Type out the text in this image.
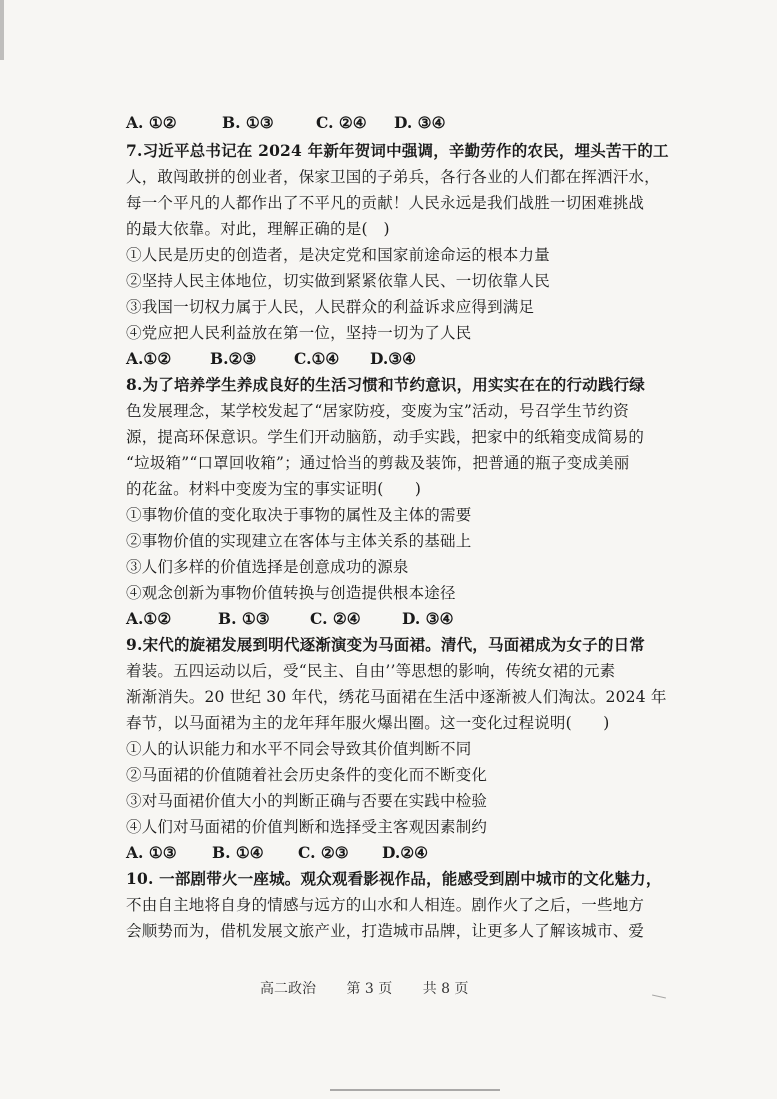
A. ①②	B. ①③	C. ②④	D. ③④
7.习近平总书记在 2024 年新年贺词中强调，辛勤劳作的农民，埋头苦干的工
人，敢闯敢拼的创业者，保家卫国的子弟兵，各行各业的人们都在挥洒汗水，
每一个平凡的人都作出了不平凡的贡献！人民永远是我们战胜一切困难挑战
的最大依靠。对此，理解正确的是(　)
①人民是历史的创造者，是决定党和国家前途命运的根本力量
②坚持人民主体地位，切实做到紧紧依靠人民、一切依靠人民
③我国一切权力属于人民，人民群众的利益诉求应得到满足
④党应把人民利益放在第一位，坚持一切为了人民
A.①②	B.②③	C.①④	D.③④
8.为了培养学生养成良好的生活习惯和节约意识，用实实在在的行动践行绿
色发展理念，某学校发起了“居家防疫，变废为宝”活动，号召学生节约资
源，提高环保意识。学生们开动脑筋，动手实践，把家中的纸箱变成简易的
“垃圾箱”“口罩回收箱”；通过恰当的剪裁及装饰，把普通的瓶子变成美丽
的花盆。材料中变废为宝的事实证明(　　)
①事物价值的变化取决于事物的属性及主体的需要
②事物价值的实现建立在客体与主体关系的基础上
③人们多样的价值选择是创意成功的源泉
④观念创新为事物价值转换与创造提供根本途径
A.①②	B. ①③	C. ②④	D. ③④
9.宋代的旋裙发展到明代逐渐演变为马面裙。清代，马面裙成为女子的日常
着装。五四运动以后，受“民主、自由’’等思想的影响，传统女裙的元素
渐渐消失。20 世纪 30 年代，绣花马面裙在生活中逐渐被人们淘汰。2024 年
春节，以马面裙为主的龙年拜年服火爆出圈。这一变化过程说明(　　)
①人的认识能力和水平不同会导致其价值判断不同
②马面裙的价值随着社会历史条件的变化而不断变化
③对马面裙价值大小的判断正确与否要在实践中检验
④人们对马面裙的价值判断和选择受主客观因素制约
A. ①③	B. ①④	C. ②③	D.②④
10. 一部剧带火一座城。观众观看影视作品，能感受到剧中城市的文化魅力，
不由自主地将自身的情感与远方的山水和人相连。剧作火了之后，一些地方
会顺势而为，借机发展文旅产业，打造城市品牌，让更多人了解该城市、爱
高二政治 第 3 页 共 8 页
